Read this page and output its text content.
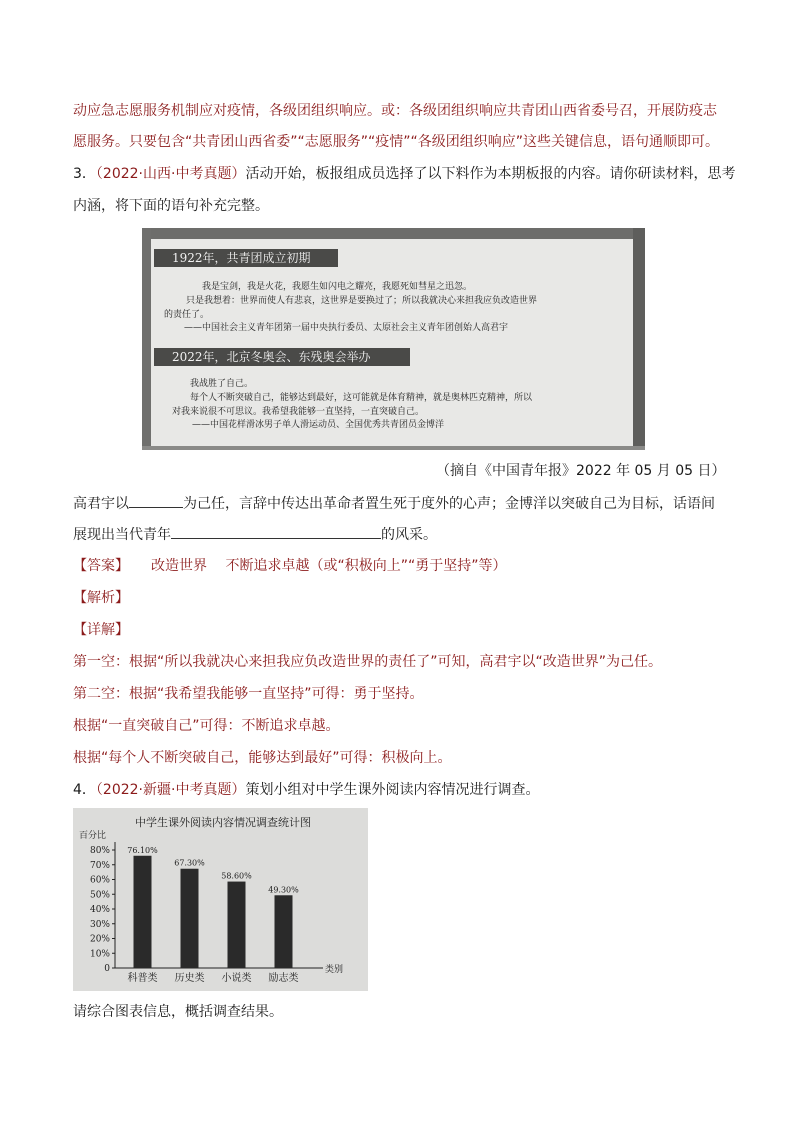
动应急志愿服务机制应对疫情，各级团组织响应。或：各级团组织响应共青团山西省委号召，开展防疫志
愿服务。只要包含“共青团山西省委”“志愿服务”“疫情”“各级团组织响应”这些关键信息，语句通顺即可。
3．（2022·山西·中考真题）活动开始，板报组成员选择了以下料作为本期板报的内容。请你研读材料，思考
内涵，将下面的语句补充完整。
1922年，共青团成立初期
我是宝剑，我是火花，我愿生如闪电之耀亮，我愿死如彗星之迅忽。
只是我想着：世界而使人有悲哀，这世界是要换过了；所以我就决心来担我应负改造世界
的责任了。
——中国社会主义青年团第一届中央执行委员、太原社会主义青年团创始人高君宇
2022年，北京冬奥会、东残奥会举办
我战胜了自己。
每个人不断突破自己，能够达到最好，这可能就是体育精神，就是奥林匹克精神，所以
对我来说很不可思议。我希望我能够一直坚持，一直突破自己。
——中国花样滑冰男子单人滑运动员、全国优秀共青团员金博洋
（摘自《中国青年报》2022 年 05 月 05 日）
高君宇以	为己任，言辞中传达出革命者置生死于度外的心声；金博洋以突破自己为目标，话语间
展现出当代青年	的风采。
【答案】 改造世界　 不断追求卓越（或“积极向上”“勇于坚持”等）
【解析】
【详解】
第一空：根据“所以我就决心来担我应负改造世界的责任了”可知，高君宇以“改造世界”为己任。
第二空：根据“我希望我能够一直坚持”可得：勇于坚持。
根据“一直突破自己”可得：不断追求卓越。
根据“每个人不断突破自己，能够达到最好”可得：积极向上。
4．（2022·新疆·中考真题）策划小组对中学生课外阅读内容情况进行调查。
中学生课外阅读内容情况调查统计图
百分比
类别
0
10%
20%
30%
40%
50%
60%
70%
80% 76.10%
科普类
67.30%
历史类
58.60%
小说类
49.30%
励志类
请综合图表信息，概括调查结果。
